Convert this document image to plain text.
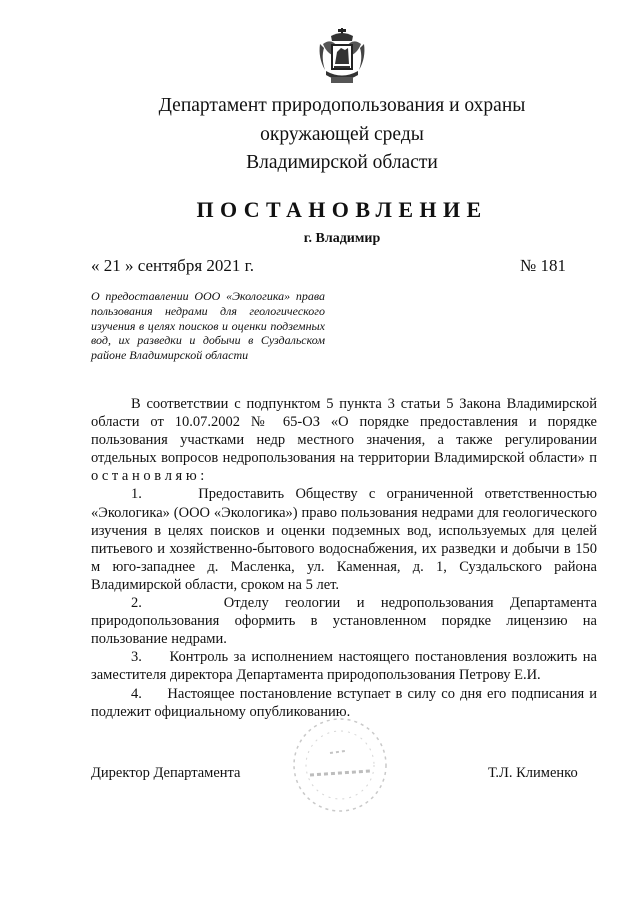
Департамент природопользования и охраны
окружающей среды
Владимирской области
ПОСТАНОВЛЕНИЕ
г. Владимир
« 21 » сентября 2021 г.	№ 181
О предоставлении ООО «Экологика» права пользования недрами для геологического изучения в целях поисков и оценки подземных вод, их разведки и добычи в Суздальском районе Владимирской области

В соответствии с подпунктом 5 пункта 3 статьи 5 Закона Владимирской области от 10.07.2002 № 65-ОЗ «О порядке предоставления и порядке пользования участками недр местного значения, а также регулировании отдельных вопросов недропользования на территории Владимирской области» п о с т а н о в л я ю :

1.     Предоставить Обществу с ограниченной ответственностью «Экологика» (ООО «Экологика») право пользования недрами для геологического изучения в целях поисков и оценки подземных вод, используемых для целей питьевого и хозяйственно-бытового водоснабжения, их разведки и добычи в 150 м юго-западнее д. Масленка, ул. Каменная, д. 1, Суздальского района Владимирской области, сроком на 5 лет.

2.     Отделу геологии и недропользования Департамента природопользования оформить в установленном порядке лицензию на пользование недрами.

3.     Контроль за исполнением настоящего постановления возложить на заместителя директора Департамента природопользования Петрову Е.И.

4.     Настоящее постановление вступает в силу со дня его подписания и подлежит официальному опубликованию.

Директор Департамента	Т.Л. Клименко
